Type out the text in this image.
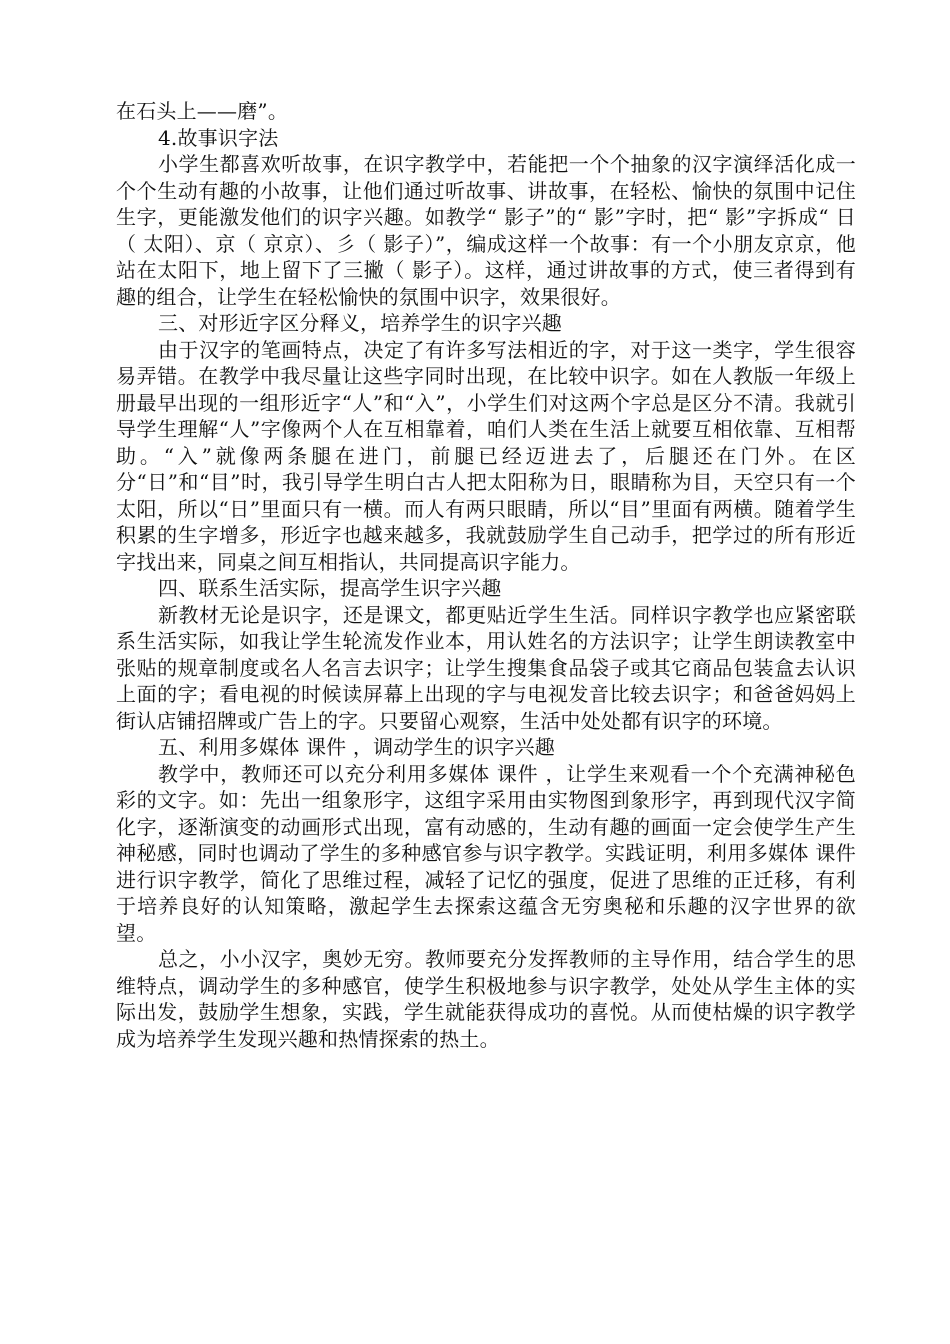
在石头上——磨”。

4.故事识字法

小学生都喜欢听故事，在识字教学中，若能把一个个抽象的汉字演绎活化成一个个生动有趣的小故事，让他们通过听故事、讲故事，在轻松、愉快的氛围中记住生字，更能激发他们的识字兴趣。如教学“ 影子”的“ 影”字时，把“ 影”字拆成“ 日（ 太阳）、京（ 京京）、彡（ 影子）”，编成这样一个故事：有一个小朋友京京，他站在太阳下，地上留下了三撇（ 影子）。这样，通过讲故事的方式，使三者得到有趣的组合，让学生在轻松愉快的氛围中识字，效果很好。

三、对形近字区分释义，培养学生的识字兴趣

由于汉字的笔画特点，决定了有许多写法相近的字，对于这一类字，学生很容易弄错。在教学中我尽量让这些字同时出现，在比较中识字。如在人教版一年级上册最早出现的一组形近字“人”和“入”，小学生们对这两个字总是区分不清。我就引导学生理解“人”字像两个人在互相靠着，咱们人类在生活上就要互相依靠、互相帮助。“入”就像两条腿在进门，前腿已经迈进去了，后腿还在门外。在区分“日”和“目”时，我引导学生明白古人把太阳称为日，眼睛称为目，天空只有一个太阳，所以“日”里面只有一横。而人有两只眼睛，所以“目”里面有两横。随着学生积累的生字增多，形近字也越来越多，我就鼓励学生自己动手，把学过的所有形近字找出来，同桌之间互相指认，共同提高识字能力。

四、联系生活实际，提高学生识字兴趣

新教材无论是识字，还是课文，都更贴近学生生活。同样识字教学也应紧密联系生活实际，如我让学生轮流发作业本，用认姓名的方法识字；让学生朗读教室中张贴的规章制度或名人名言去识字；让学生搜集食品袋子或其它商品包装盒去认识上面的字；看电视的时候读屏幕上出现的字与电视发音比较去识字；和爸爸妈妈上街认店铺招牌或广告上的字。只要留心观察，生活中处处都有识字的环境。

五、利用多媒体 课件 ，调动学生的识字兴趣

教学中，教师还可以充分利用多媒体 课件 ，让学生来观看一个个充满神秘色彩的文字。如：先出一组象形字，这组字采用由实物图到象形字，再到现代汉字简化字，逐渐演变的动画形式出现，富有动感的，生动有趣的画面一定会使学生产生神秘感，同时也调动了学生的多种感官参与识字教学。实践证明，利用多媒体 课件 进行识字教学，简化了思维过程，减轻了记忆的强度，促进了思维的正迁移，有利于培养良好的认知策略，激起学生去探索这蕴含无穷奥秘和乐趣的汉字世界的欲望。

总之，小小汉字，奥妙无穷。教师要充分发挥教师的主导作用，结合学生的思维特点，调动学生的多种感官，使学生积极地参与识字教学，处处从学生主体的实际出发，鼓励学生想象，实践，学生就能获得成功的喜悦。从而使枯燥的识字教学成为培养学生发现兴趣和热情探索的热土。
